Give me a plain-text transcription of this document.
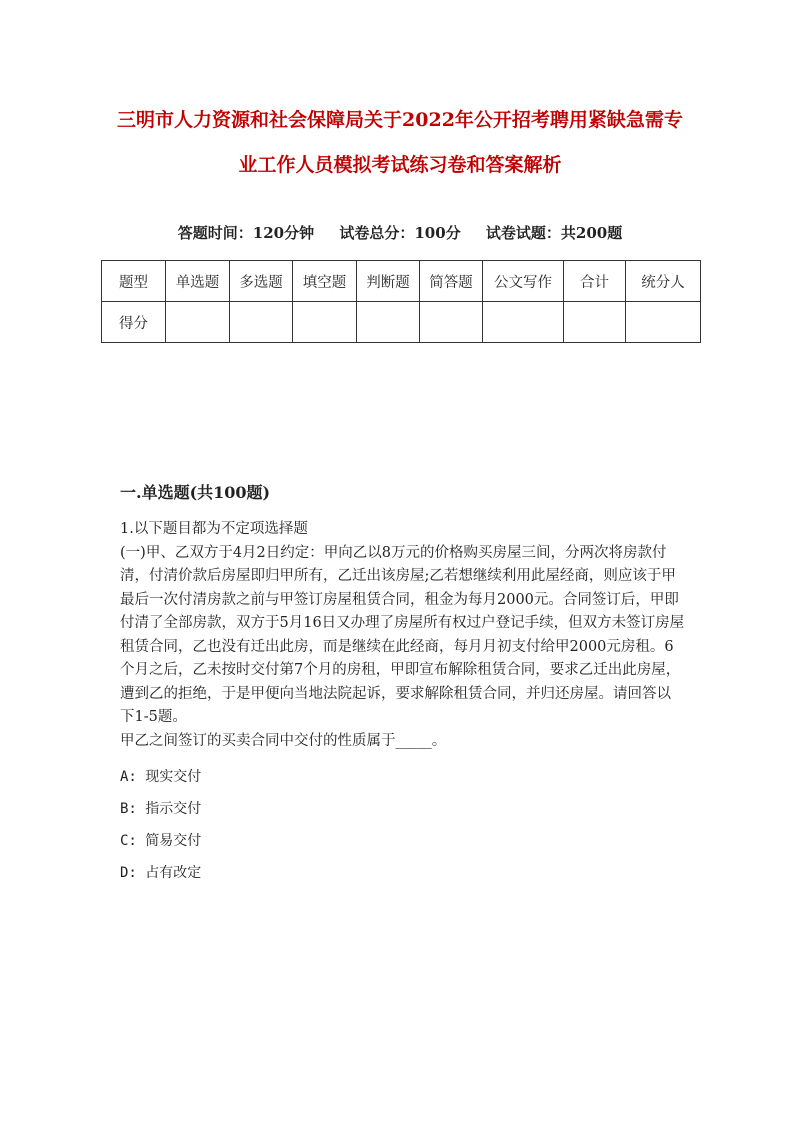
三明市人力资源和社会保障局关于2022年公开招考聘用紧缺急需专
业工作人员模拟考试练习卷和答案解析
答题时间：120分钟 试卷总分：100分 试卷试题：共200题
题型	单选题	多选题	填空题	判断题	简答题	公文写作	合计	统分人
得分								
一.单选题(共100题)

1.以下题目都为不定项选择题

(一)甲、乙双方于4月2日约定：甲向乙以8万元的价格购买房屋三间，分两次将房款付清，付清价款后房屋即归甲所有，乙迁出该房屋;乙若想继续利用此屋经商，则应该于甲最后一次付清房款之前与甲签订房屋租赁合同，租金为每月2000元。合同签订后，甲即付清了全部房款，双方于5月16日又办理了房屋所有权过户登记手续，但双方未签订房屋租赁合同，乙也没有迁出此房，而是继续在此经商，每月月初支付给甲2000元房租。6个月之后，乙未按时交付第7个月的房租，甲即宣布解除租赁合同，要求乙迁出此房屋，遭到乙的拒绝，于是甲便向当地法院起诉，要求解除租赁合同，并归还房屋。请回答以下1-5题。

甲乙之间签订的买卖合同中交付的性质属于_____。

A: 现实交付
B: 指示交付
C: 简易交付
D: 占有改定
